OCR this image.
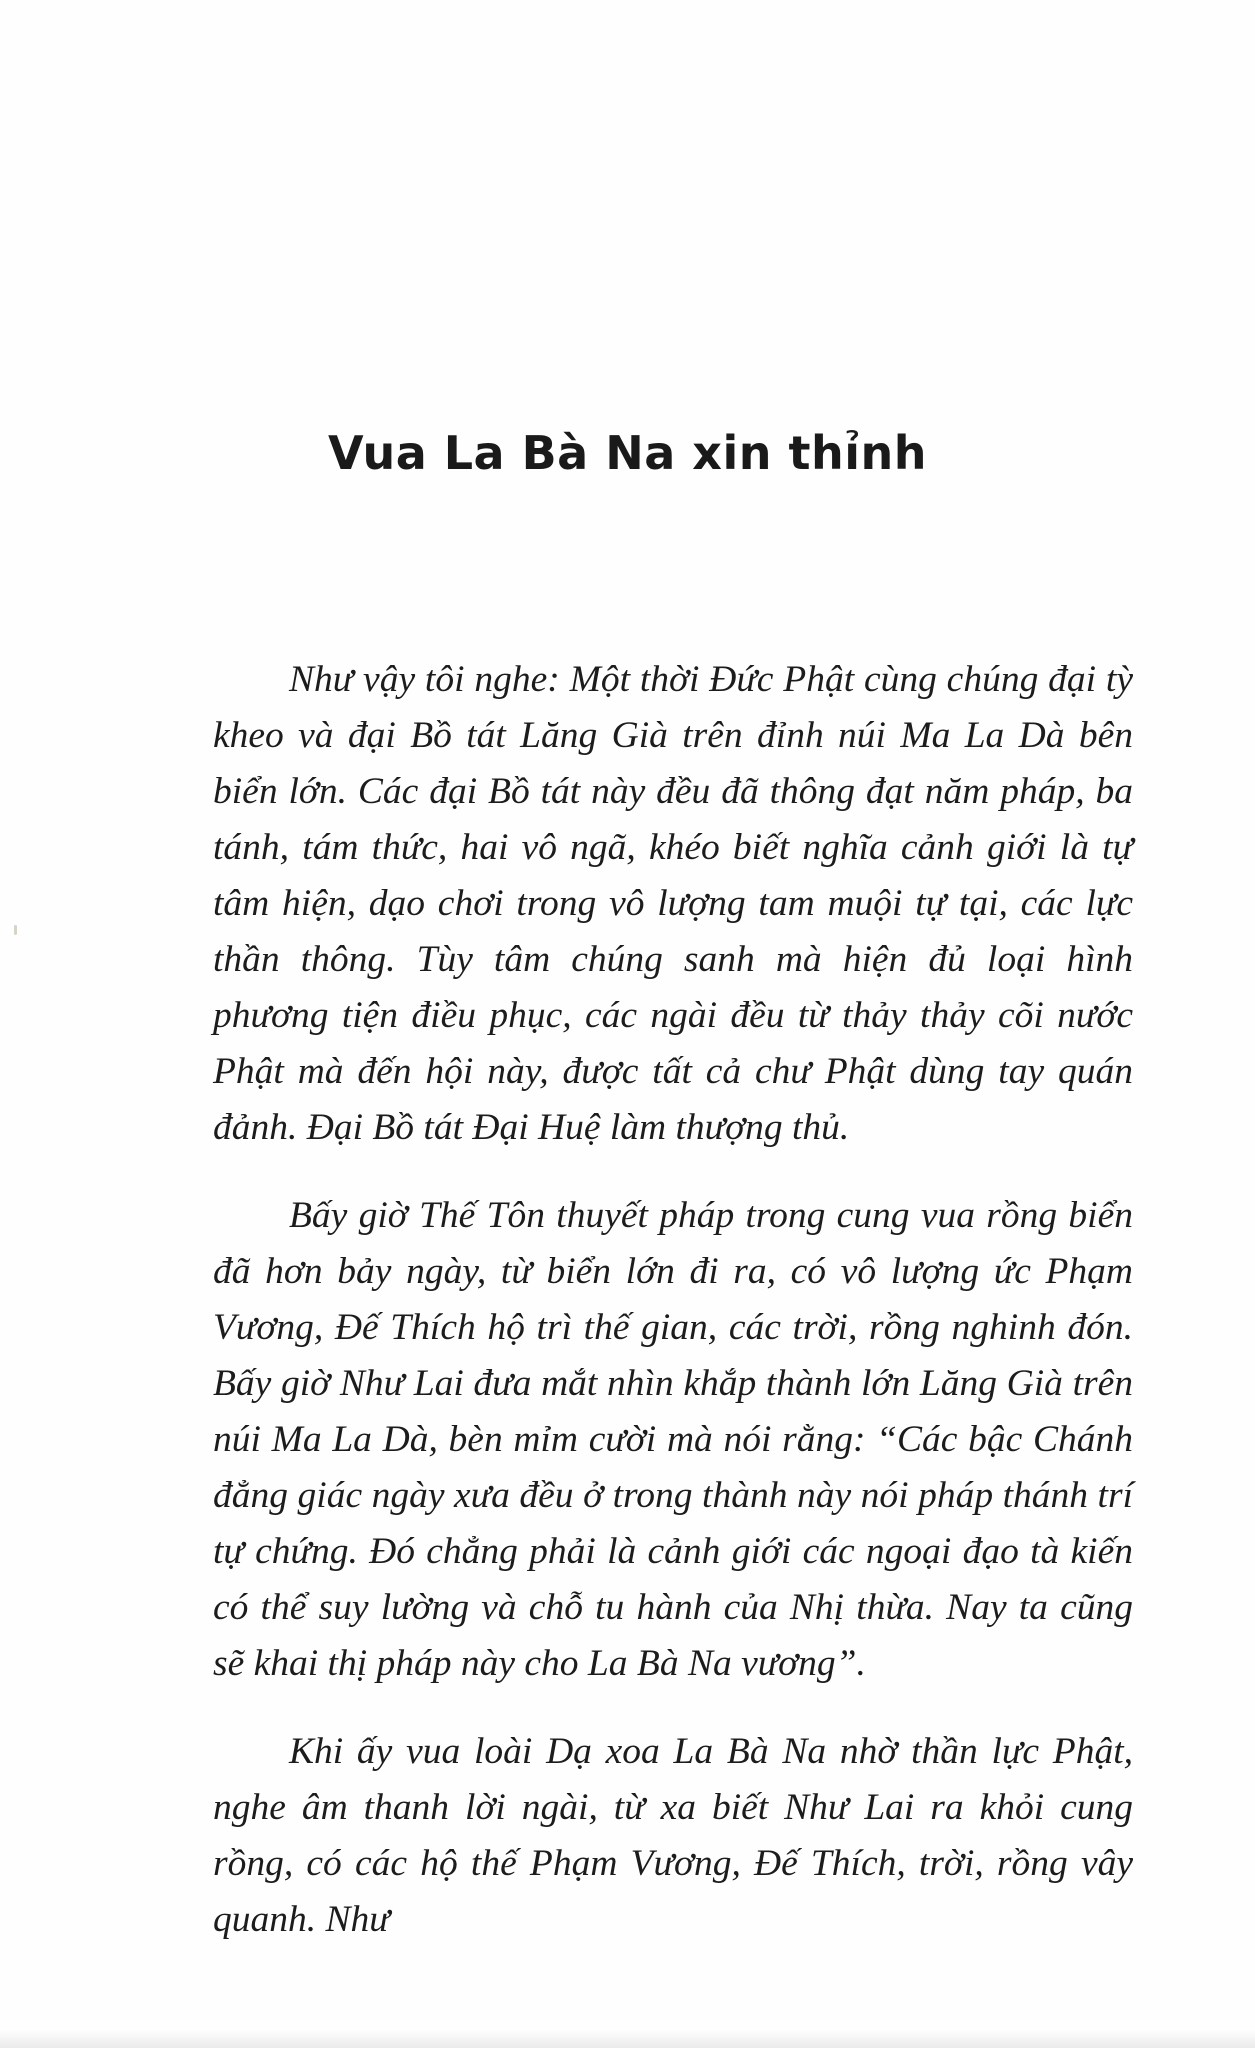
Vua La Bà Na xin thỉnh

Như vậy tôi nghe: Một thời Đức Phật cùng chúng đại tỳ kheo và đại Bồ tát Lăng Già trên đỉnh núi Ma La Dà bên biển lớn. Các đại Bồ tát này đều đã thông đạt năm pháp, ba tánh, tám thức, hai vô ngã, khéo biết nghĩa cảnh giới là tự tâm hiện, dạo chơi trong vô lượng tam muội tự tại, các lực thần thông. Tùy tâm chúng sanh mà hiện đủ loại hình phương tiện điều phục, các ngài đều từ thảy thảy cõi nước Phật mà đến hội này, được tất cả chư Phật dùng tay quán đảnh. Đại Bồ tát Đại Huệ làm thượng thủ.

Bấy giờ Thế Tôn thuyết pháp trong cung vua rồng biển đã hơn bảy ngày, từ biển lớn đi ra, có vô lượng ức Phạm Vương, Đế Thích hộ trì thế gian, các trời, rồng nghinh đón. Bấy giờ Như Lai đưa mắt nhìn khắp thành lớn Lăng Già trên núi Ma La Dà, bèn mỉm cười mà nói rằng: “Các bậc Chánh đẳng giác ngày xưa đều ở trong thành này nói pháp thánh trí tự chứng. Đó chẳng phải là cảnh giới các ngoại đạo tà kiến có thể suy lường và chỗ tu hành của Nhị thừa. Nay ta cũng sẽ khai thị pháp này cho La Bà Na vương”.

Khi ấy vua loài Dạ xoa La Bà Na nhờ thần lực Phật, nghe âm thanh lời ngài, từ xa biết Như Lai ra khỏi cung rồng, có các hộ thế Phạm Vương, Đế Thích, trời, rồng vây quanh. Như
